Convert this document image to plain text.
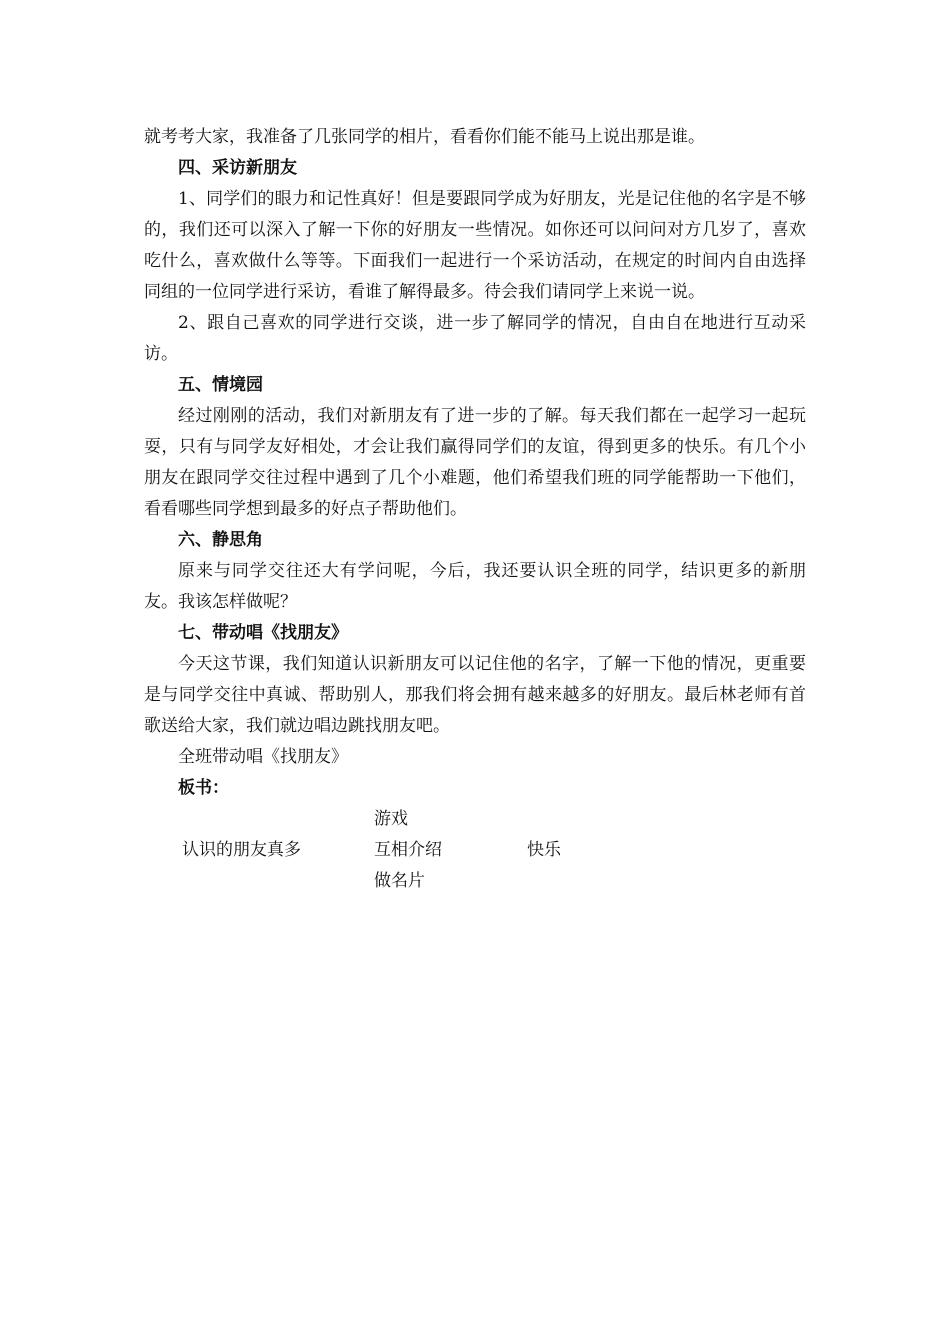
就考考大家，我准备了几张同学的相片，看看你们能不能马上说出那是谁。

四、采访新朋友

1、同学们的眼力和记性真好！但是要跟同学成为好朋友，光是记住他的名字是不够的，我们还可以深入了解一下你的好朋友一些情况。如你还可以问问对方几岁了，喜欢吃什么，喜欢做什么等等。下面我们一起进行一个采访活动，在规定的时间内自由选择同组的一位同学进行采访，看谁了解得最多。待会我们请同学上来说一说。

2、跟自己喜欢的同学进行交谈，进一步了解同学的情况，自由自在地进行互动采访。

五、情境园

经过刚刚的活动，我们对新朋友有了进一步的了解。每天我们都在一起学习一起玩耍，只有与同学友好相处，才会让我们赢得同学们的友谊，得到更多的快乐。有几个小朋友在跟同学交往过程中遇到了几个小难题，他们希望我们班的同学能帮助一下他们，看看哪些同学想到最多的好点子帮助他们。

六、静思角

原来与同学交往还大有学问呢，今后，我还要认识全班的同学，结识更多的新朋友。我该怎样做呢？

七、带动唱《找朋友》

今天这节课，我们知道认识新朋友可以记住他的名字，了解一下他的情况，更重要是与同学交往中真诚、帮助别人，那我们将会拥有越来越多的好朋友。最后林老师有首歌送给大家，我们就边唱边跳找朋友吧。

全班带动唱《找朋友》

板书：

游戏
认识的朋友真多	互相介绍	快乐
做名片
